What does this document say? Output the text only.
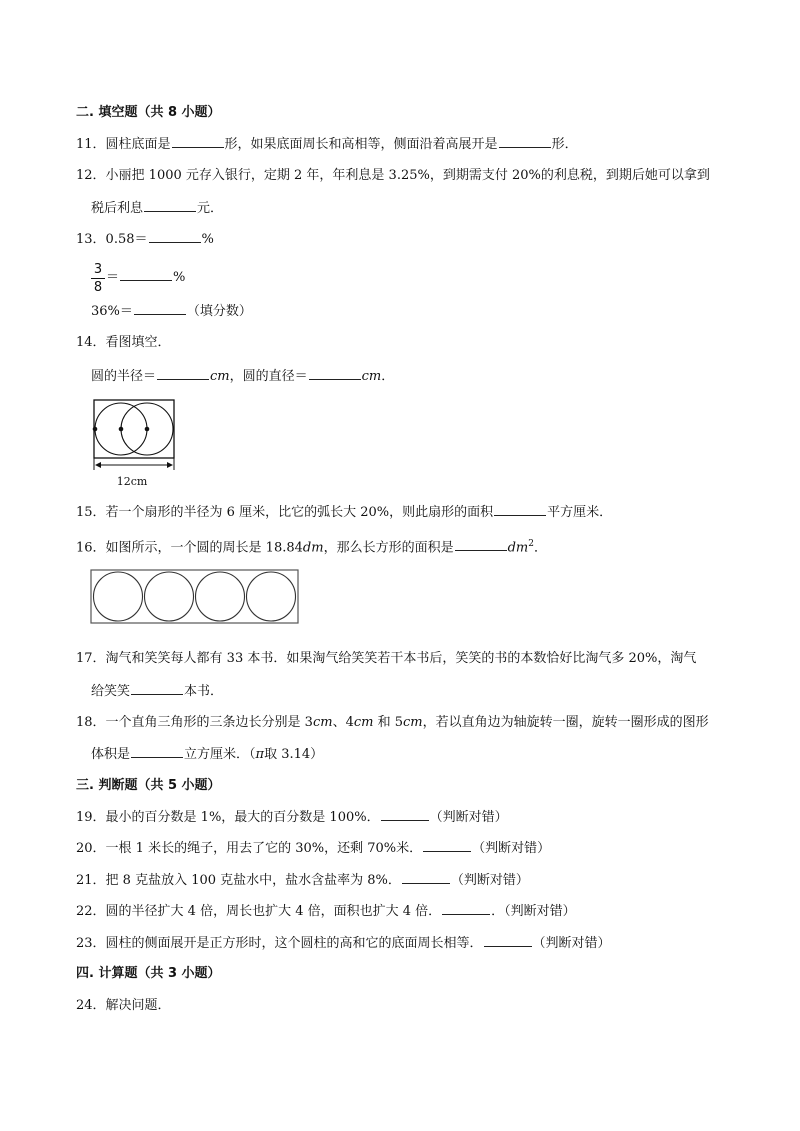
二. 填空题（共 8 小题）
11．圆柱底面是	形，如果底面周长和高相等，侧面沿着高展开是	形．
12．小丽把 1000 元存入银行，定期 2 年，年利息是 3.25%，到期需支付 20%的利息税，到期后她可以拿到
税后利息	元．
13．0.58＝	%
3
8
＝	%
36%＝	（填分数）
14．看图填空．
圆的半径＝	cm，圆的直径＝	cm．
12cm
15．若一个扇形的半径为 6 厘米，比它的弧长大 20%，则此扇形的面积	平方厘米．
16．如图所示，一个圆的周长是 18.84dm，那么长方形的面积是	$dm^2$．
17．淘气和笑笑每人都有 33 本书．如果淘气给笑笑若干本书后，笑笑的书的本数恰好比淘气多 20%，淘气
给笑笑	本书．
18．一个直角三角形的三条边长分别是 3cm、4cm 和 5cm，若以直角边为轴旋转一圈，旋转一圈形成的图形
体积是	立方厘米．（π取 3.14）
三. 判断题（共 5 小题）
19．最小的百分数是 1%，最大的百分数是 100%．	（判断对错）
20．一根 1 米长的绳子，用去了它的 30%，还剩 70%米．	（判断对错）
21．把 8 克盐放入 100 克盐水中，盐水含盐率为 8%．	（判断对错）
22．圆的半径扩大 4 倍，周长也扩大 4 倍，面积也扩大 4 倍．	．（判断对错）
23．圆柱的侧面展开是正方形时，这个圆柱的高和它的底面周长相等．	（判断对错）
四. 计算题（共 3 小题）
24．解决问题．
